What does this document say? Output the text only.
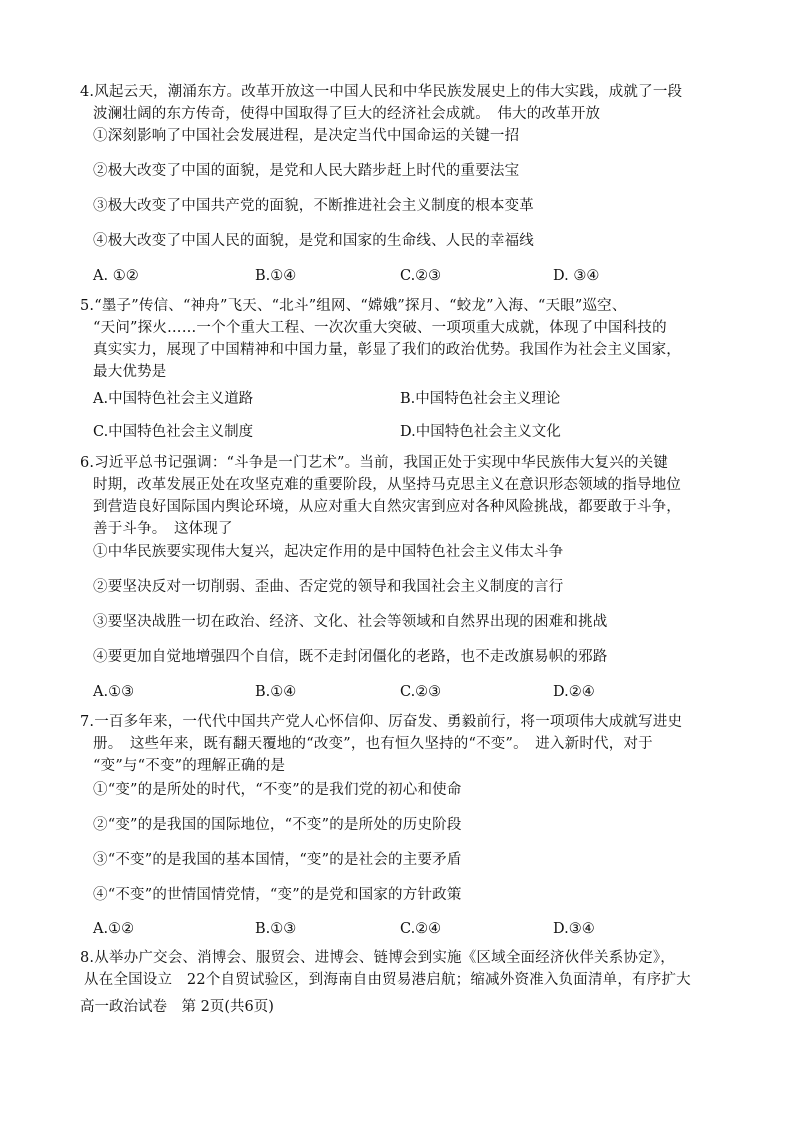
4.风起云天，潮涌东方。改革开放这一中国人民和中华民族发展史上的伟大实践，成就了一段
波澜壮阔的东方传奇，使得中国取得了巨大的经济社会成就。　伟大的改革开放
①深刻影响了中国社会发展进程，是决定当代中国命运的关键一招
②极大改变了中国的面貌，是党和人民大踏步赶上时代的重要法宝
③极大改变了中国共产党的面貌，不断推进社会主义制度的根本变革
④极大改变了中国人民的面貌，是党和国家的生命线、人民的幸福线
A. ①②	B.①④	C.②③	D. ③④
5.“墨子”传信、“神舟”飞天、“北斗”组网、“嫦娥”探月、“蛟龙”入海、“天眼”巡空、
“天问”探火……一个个重大工程、一次次重大突破、一项项重大成就，体现了中国科技的
真实实力，展现了中国精神和中国力量，彰显了我们的政治优势。我国作为社会主义国家，
最大优势是
A.中国特色社会主义道路	B.中国特色社会主义理论
C.中国特色社会主义制度	D.中国特色社会主义文化
6.习近平总书记强调：“斗争是一门艺术”。当前，我国正处于实现中华民族伟大复兴的关键
时期，改革发展正处在攻坚克难的重要阶段，从坚持马克思主义在意识形态领域的指导地位
到营造良好国际国内舆论环境，从应对重大自然灾害到应对各种风险挑战，都要敢于斗争，
善于斗争。　这体现了
①中华民族要实现伟大复兴，起决定作用的是中国特色社会主义伟太斗争
②要坚决反对一切削弱、歪曲、否定党的领导和我国社会主义制度的言行
③要坚决战胜一切在政治、经济、文化、社会等领域和自然界出现的困难和挑战
④要更加自觉地增强四个自信，既不走封闭僵化的老路，也不走改旗易帜的邪路
A.①③	B.①④	C.②③	D.②④
7.一百多年来，一代代中国共产党人心怀信仰、厉奋发、勇毅前行，将一项项伟大成就写进史
册。　这些年来，既有翻天覆地的“改变”，也有恒久坚持的“不变”。　进入新时代，对于
“变”与“不变”的理解正确的是
①“变”的是所处的时代，“不变”的是我们党的初心和使命
②“变”的是我国的国际地位，“不变”的是所处的历史阶段
③“不变”的是我国的基本国情，“变”的是社会的主要矛盾
④“不变”的世情国情党情，“变”的是党和国家的方针政策
A.①②	B.①③	C.②④	D.③④
8.从举办广交会、消博会、服贸会、进博会、链博会到实施《区域全面经济伙伴关系协定》，
从在全国设立　22个自贸试验区，到海南自由贸易港启航；缩减外资准入负面清单，有序扩大
高一政治试卷　第 2页(共6页)
